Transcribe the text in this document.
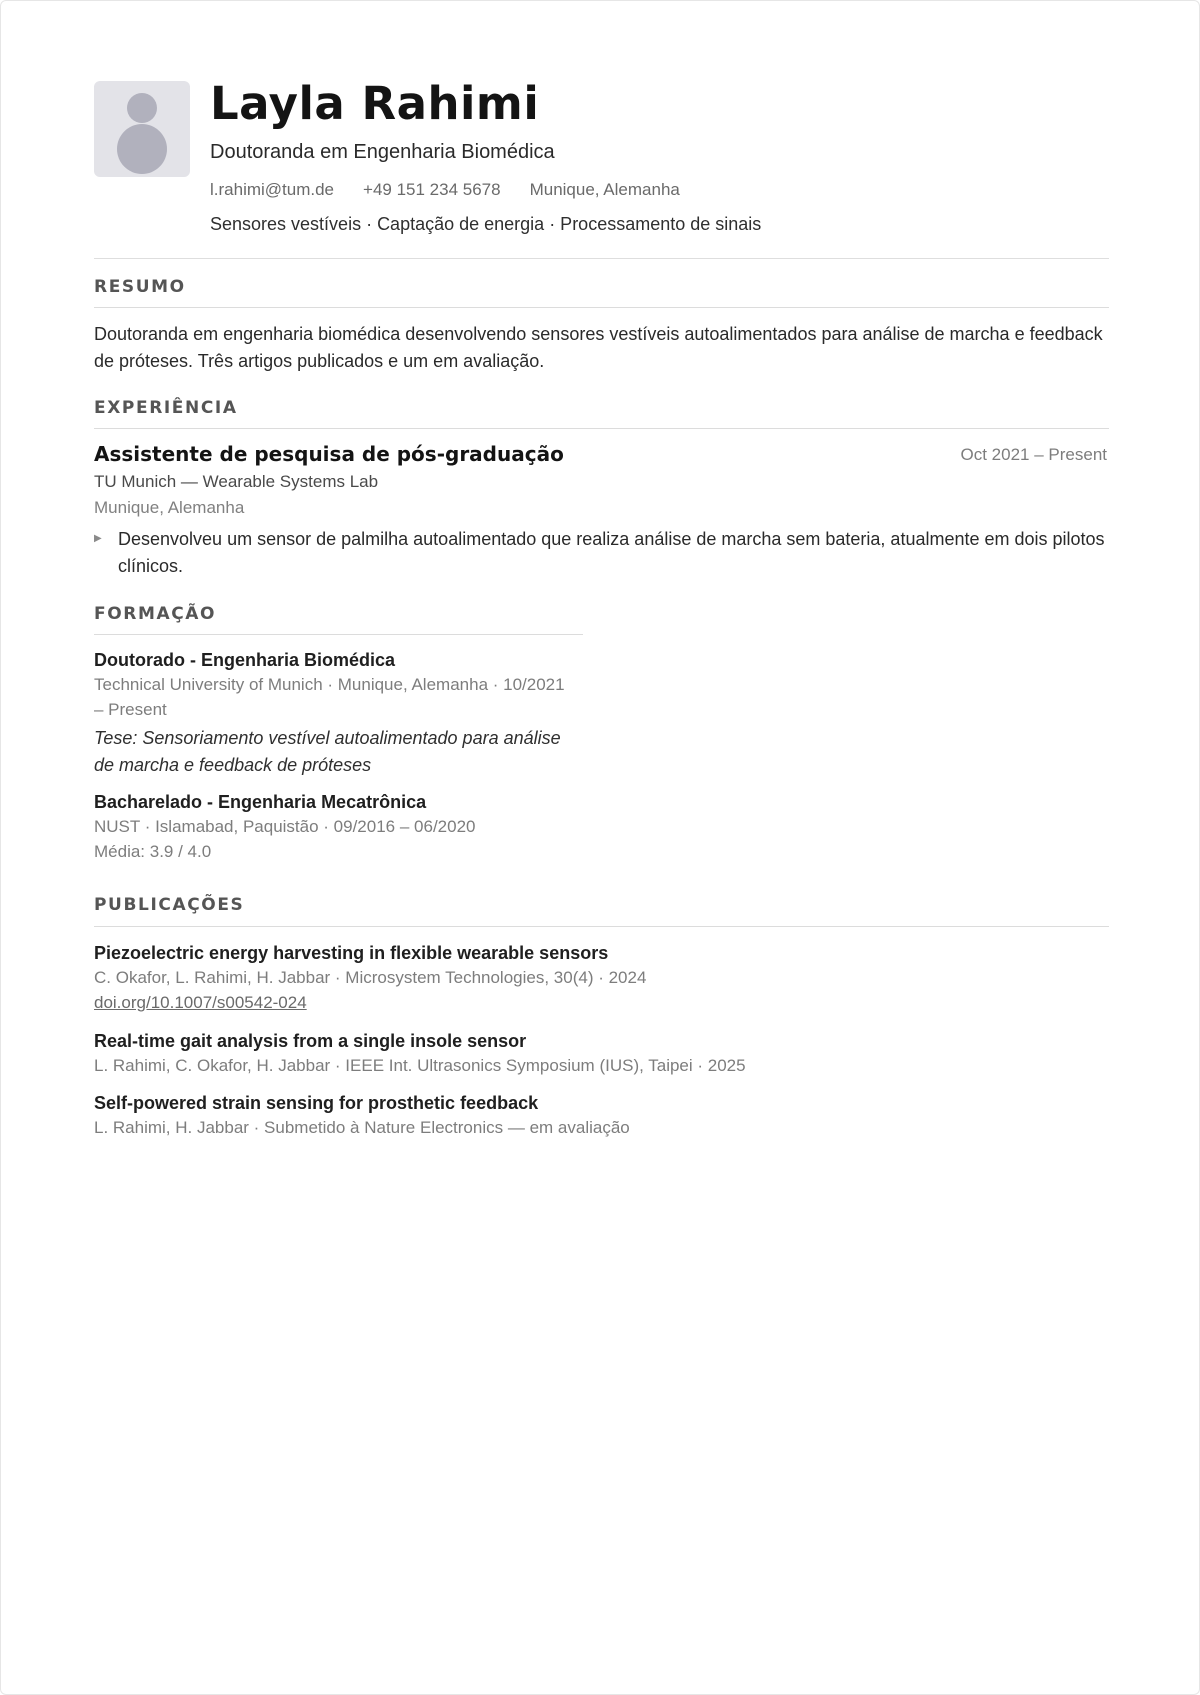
Layla Rahimi
Doutoranda em Engenharia Biomédica
l.rahimi@tum.de +49 151 234 5678 Munique, Alemanha
Sensores vestíveis · Captação de energia · Processamento de sinais
RESUMO
Doutoranda em engenharia biomédica desenvolvendo sensores vestíveis autoalimentados para análise de marcha e feedback de próteses. Três artigos publicados e um em avaliação.
EXPERIÊNCIA
Assistente de pesquisa de pós-graduação	Oct 2021 – Present
TU Munich — Wearable Systems Lab
Munique, Alemanha
▶ Desenvolveu um sensor de palmilha autoalimentado que realiza análise de marcha sem bateria, atualmente em dois pilotos clínicos.
FORMAÇÃO
Doutorado - Engenharia Biomédica
Technical University of Munich · Munique, Alemanha · 10/2021 – Present
Tese: Sensoriamento vestível autoalimentado para análise de marcha e feedback de próteses
Bacharelado - Engenharia Mecatrônica
NUST · Islamabad, Paquistão · 09/2016 – 06/2020
Média: 3.9 / 4.0
PUBLICAÇÕES
Piezoelectric energy harvesting in flexible wearable sensors
C. Okafor, L. Rahimi, H. Jabbar · Microsystem Technologies, 30(4) · 2024
doi.org/10.1007/s00542-024
Real-time gait analysis from a single insole sensor
L. Rahimi, C. Okafor, H. Jabbar · IEEE Int. Ultrasonics Symposium (IUS), Taipei · 2025
Self-powered strain sensing for prosthetic feedback
L. Rahimi, H. Jabbar · Submetido à Nature Electronics — em avaliação
